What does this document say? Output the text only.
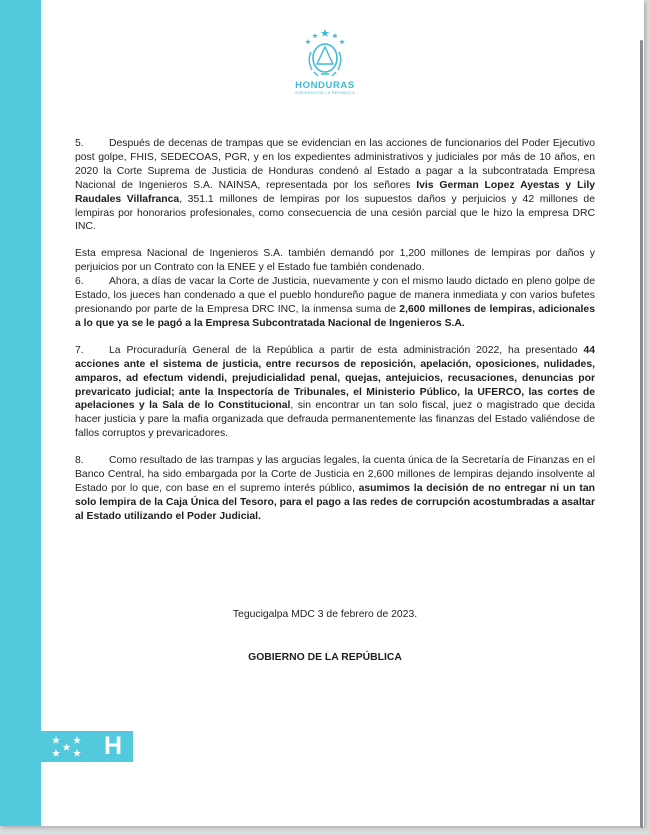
HONDURAS
GOBIERNO DE LA REPÚBLICA

5. Después de decenas de trampas que se evidencian en las acciones de funcionarios del Poder Ejecutivo post golpe, FHIS, SEDECOAS, PGR, y en los expedientes administrativos y judiciales por más de 10 años, en 2020 la Corte Suprema de Justicia de Honduras condenó al Estado a pagar a la subcontratada Empresa Nacional de Ingenieros S.A. NAINSA, representada por los señores Ivis German Lopez Ayestas y Lily Raudales Villafranca, 351.1 millones de lempiras por los supuestos daños y perjuicios y 42 millones de lempiras por honorarios profesionales, como consecuencia de una cesión parcial que le hizo la empresa DRC INC.

Esta empresa Nacional de Ingenieros S.A. también demandó por 1,200 millones de lempiras por daños y perjuicios por un Contrato con la ENEE y el Estado fue también condenado.

6. Ahora, a días de vacar la Corte de Justicia, nuevamente y con el mismo laudo dictado en pleno golpe de Estado, los jueces han condenado a que el pueblo hondureño pague de manera inmediata y con varios bufetes presionando por parte de la Empresa DRC INC, la inmensa suma de 2,600 millones de lempiras, adicionales a lo que ya se le pagó a la Empresa Subcontratada Nacional de Ingenieros S.A.

7. La Procuraduría General de la República a partir de esta administración 2022, ha presentado 44 acciones ante el sistema de justicia, entre recursos de reposición, apelación, oposiciones, nulidades, amparos, ad efectum videndi, prejudicialidad penal, quejas, antejuicios, recusaciones, denuncias por prevaricato judicial; ante la Inspectoría de Tribunales, el Ministerio Público, la UFERCO, las cortes de apelaciones y la Sala de lo Constitucional, sin encontrar un tan solo fiscal, juez o magistrado que decida hacer justicia y pare la mafia organizada que defrauda permanentemente las finanzas del Estado valiéndose de fallos corruptos y prevaricadores.

8. Como resultado de las trampas y las argucias legales, la cuenta única de la Secretaría de Finanzas en el Banco Central, ha sido embargada por la Corte de Justicia en 2,600 millones de lempiras dejando insolvente al Estado por lo que, con base en el supremo interés público, asumimos la decisión de no entregar ni un tan solo lempira de la Caja Única del Tesoro, para el pago a las redes de corrupción acostumbradas a asaltar al Estado utilizando el Poder Judicial.

Tegucigalpa MDC 3 de febrero de 2023.
GOBIERNO DE LA REPÚBLICA
H
